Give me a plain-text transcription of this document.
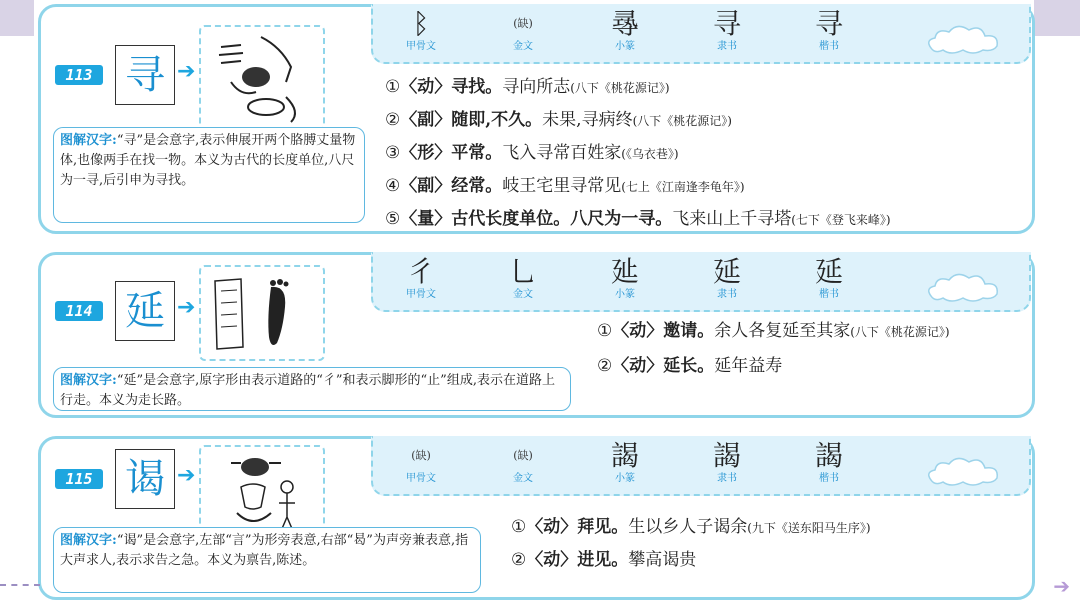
113 寻 ➔
图解汉字:“寻”是会意字,表示伸展开两个胳膊丈量物体,也像两手在找一物。本义为古代的长度单位,八尺为一寻,后引申为寻找。
ᛒ
甲骨文
(缺)
金文
㝷
小篆
寻
隶书
寻
楷书
①〈动〉寻找。寻向所志(八下《桃花源记》)
②〈副〉随即,不久。未果,寻病终(八下《桃花源记》)
③〈形〉平常。飞入寻常百姓家(《乌衣巷》)
④〈副〉经常。岐王宅里寻常见(七上《江南逢李龟年》)
⑤〈量〉古代长度单位。八尺为一寻。飞来山上千寻塔(七下《登飞来峰》)
114 延 ➔
图解汉字:“延”是会意字,原字形由表示道路的“彳”和表示脚形的“止”组成,表示在道路上行走。本义为走长路。
彳
甲骨文
乚
金文
㢟
小篆
延
隶书
延
楷书
①〈动〉邀请。余人各复延至其家(八下《桃花源记》)
②〈动〉延长。延年益寿
115 谒 ➔
图解汉字:“谒”是会意字,左部“言”为形旁表意,右部“曷”为声旁兼表意,指大声求人,表示求告之急。本义为禀告,陈述。
(缺)
甲骨文
(缺)
金文
謁
小篆
謁
隶书
謁
楷书
①〈动〉拜见。生以乡人子谒余(九下《送东阳马生序》)
②〈动〉进见。攀高谒贵
➔
